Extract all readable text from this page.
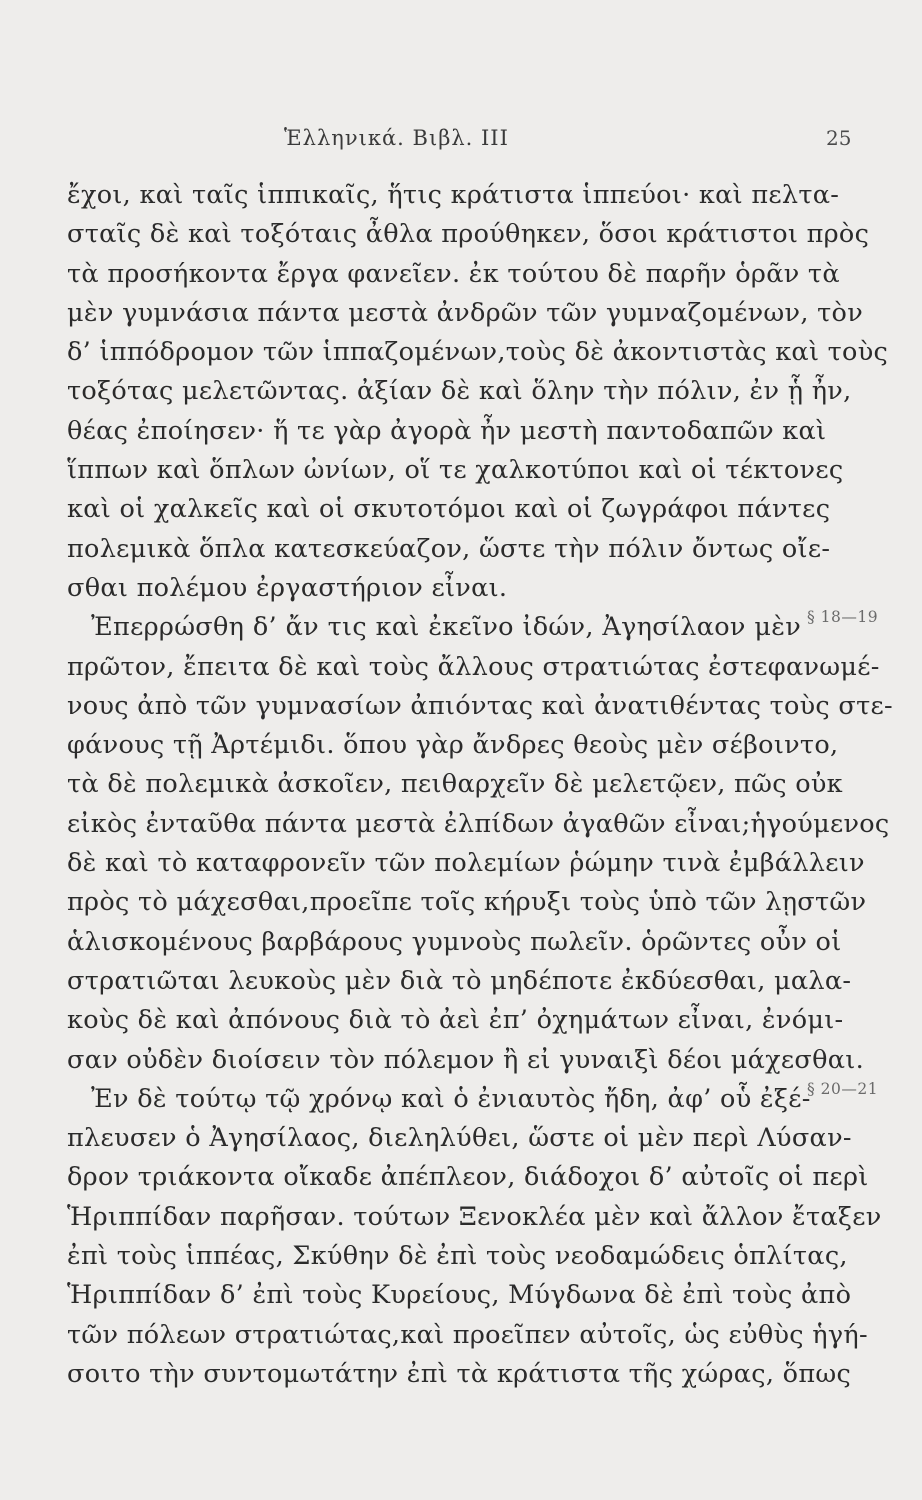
Ἑλληνικά. Βιβλ. III	25
ἔχοι, καὶ ταῖς ἱππικαῖς, ἥτις κράτιστα ἱππεύοι· καὶ πελτα-
σταῖς δὲ καὶ τοξόταις ἆθλα προύθηκεν, ὅσοι κράτιστοι πρὸς
τὰ προσήκοντα ἔργα φανεῖεν. ἐκ τούτου δὲ παρῆν ὁρᾶν τὰ
μὲν γυμνάσια πάντα μεστὰ ἀνδρῶν τῶν γυμναζομένων, τὸν
δ’ ἱππόδρομον τῶν ἱππαζομένων,τοὺς δὲ ἀκοντιστὰς καὶ τοὺς
τοξότας μελετῶντας. ἀξίαν δὲ καὶ ὅλην τὴν πόλιν, ἐν ᾗ ἦν,
θέας ἐποίησεν· ἥ τε γὰρ ἀγορὰ ἦν μεστὴ παντοδαπῶν καὶ
ἵππων καὶ ὅπλων ὠνίων, οἵ τε χαλκοτύποι καὶ οἱ τέκτονες
καὶ οἱ χαλκεῖς καὶ οἱ σκυτοτόμοι καὶ οἱ ζωγράφοι πάντες
πολεμικὰ ὅπλα κατεσκεύαζον, ὥστε τὴν πόλιν ὄντως οἴε-
σθαι πολέμου ἐργαστήριον εἶναι.
Ἐπερρώσθη δ’ ἄν τις καὶ ἐκεῖνο ἰδών, Ἀγησίλαον μὲν
πρῶτον, ἔπειτα δὲ καὶ τοὺς ἄλλους στρατιώτας ἐστεφανωμέ-
νους ἀπὸ τῶν γυμνασίων ἀπιόντας καὶ ἀνατιθέντας τοὺς στε-
φάνους τῇ Ἀρτέμιδι. ὅπου γὰρ ἄνδρες θεοὺς μὲν σέβοιντο,
τὰ δὲ πολεμικὰ ἀσκοῖεν, πειθαρχεῖν δὲ μελετῷεν, πῶς οὐκ
εἰκὸς ἐνταῦθα πάντα μεστὰ ἐλπίδων ἀγαθῶν εἶναι;ἡγούμενος
δὲ καὶ τὸ καταφρονεῖν τῶν πολεμίων ῥώμην τινὰ ἐμβάλλειν
πρὸς τὸ μάχεσθαι,προεῖπε τοῖς κήρυξι τοὺς ὑπὸ τῶν λῃστῶν
ἁλισκομένους βαρβάρους γυμνοὺς πωλεῖν. ὁρῶντες οὖν οἱ
στρατιῶται λευκοὺς μὲν διὰ τὸ μηδέποτε ἐκδύεσθαι, μαλα-
κοὺς δὲ καὶ ἀπόνους διὰ τὸ ἀεὶ ἐπ’ ὀχημάτων εἶναι, ἐνόμι-
σαν οὐδὲν διοίσειν τὸν πόλεμον ἢ εἰ γυναιξὶ δέοι μάχεσθαι.
Ἐν δὲ τούτῳ τῷ χρόνῳ καὶ ὁ ἐνιαυτὸς ἤδη, ἀφ’ οὗ ἐξέ-
πλευσεν ὁ Ἀγησίλαος, διεληλύθει, ὥστε οἱ μὲν περὶ Λύσαν-
δρον τριάκοντα οἴκαδε ἀπέπλεον, διάδοχοι δ’ αὐτοῖς οἱ περὶ
Ἡριππίδαν παρῆσαν. τούτων Ξενοκλέα μὲν καὶ ἄλλον ἔταξεν
ἐπὶ τοὺς ἱππέας, Σκύθην δὲ ἐπὶ τοὺς νεοδαμώδεις ὁπλίτας,
Ἡριππίδαν δ’ ἐπὶ τοὺς Κυρείους, Μύγδωνα δὲ ἐπὶ τοὺς ἀπὸ
τῶν πόλεων στρατιώτας,καὶ προεῖπεν αὐτοῖς, ὡς εὐθὺς ἡγή-
σοιτο τὴν συντομωτάτην ἐπὶ τὰ κράτιστα τῆς χώρας, ὅπως
§ 18—19
§ 20—21
